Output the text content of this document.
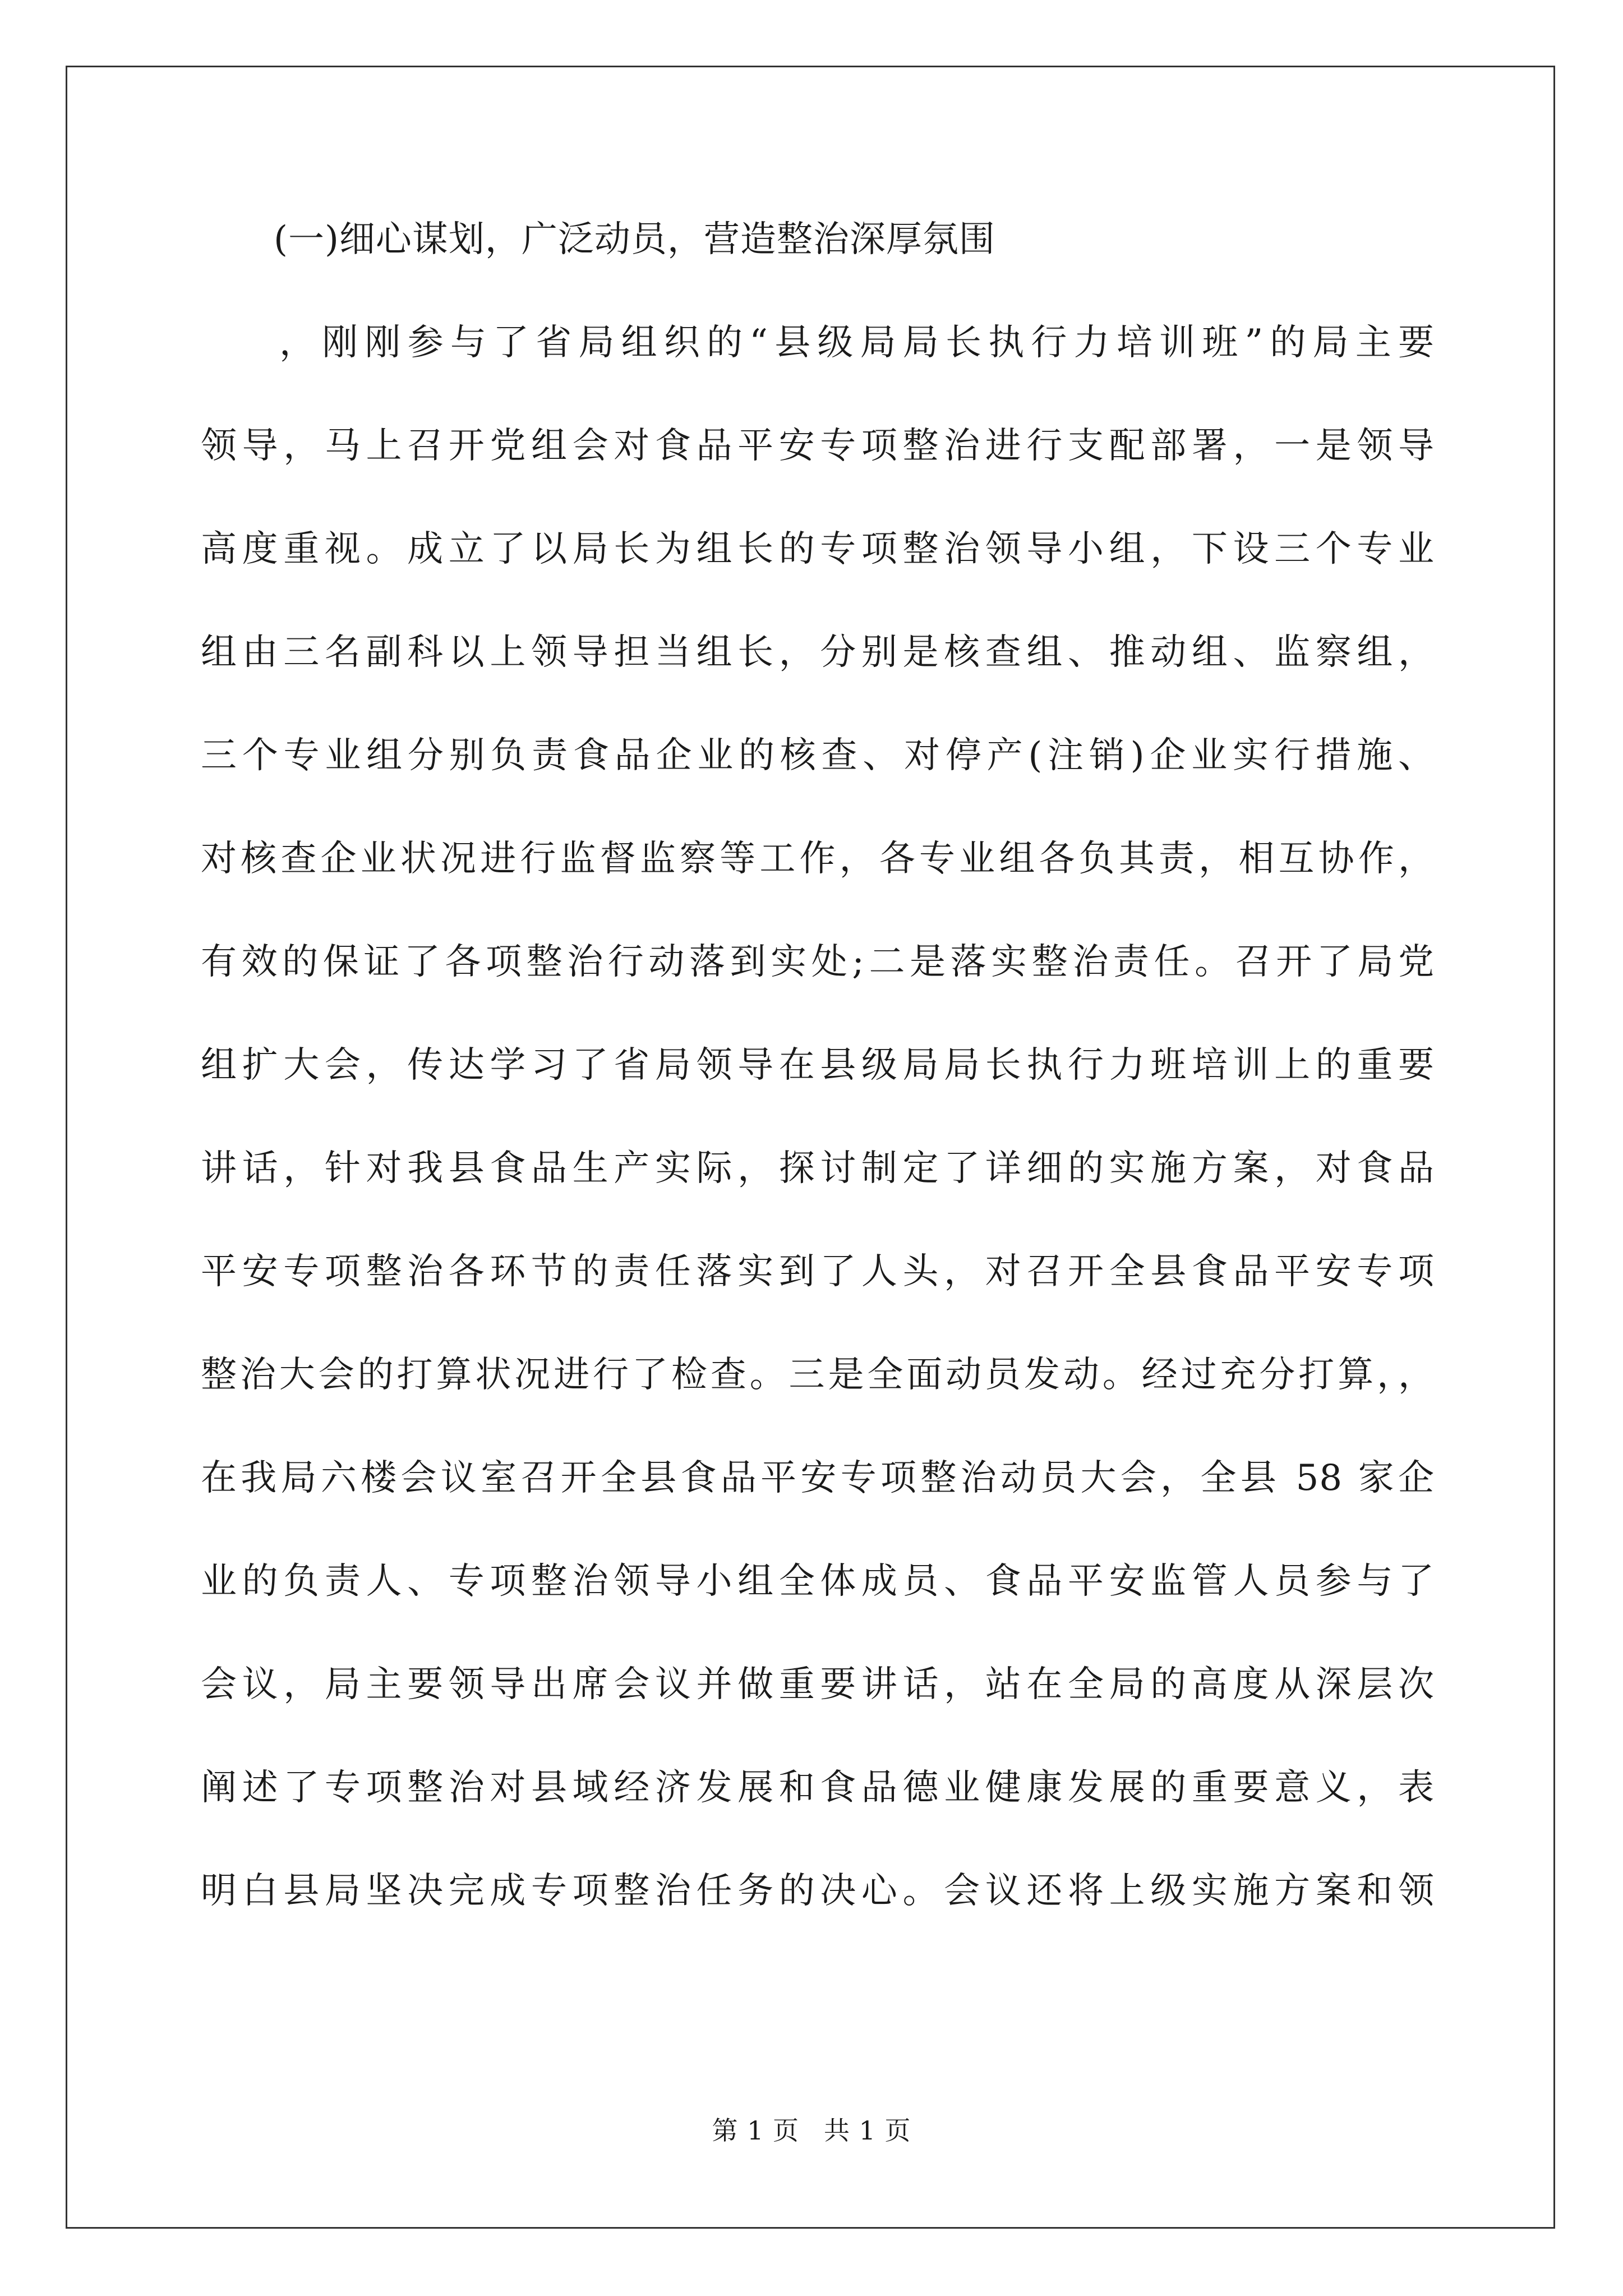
(一)细心谋划，广泛动员，营造整治深厚氛围
，刚刚参与了省局组织的“县级局局长执行力培训班”的局主要
领导，马上召开党组会对食品平安专项整治进行支配部署，一是领导
高度重视。成立了以局长为组长的专项整治领导小组，下设三个专业
组由三名副科以上领导担当组长，分别是核查组、推动组、监察组，
三个专业组分别负责食品企业的核查、对停产(注销)企业实行措施、
对核查企业状况进行监督监察等工作，各专业组各负其责，相互协作，
有效的保证了各项整治行动落到实处;二是落实整治责任。召开了局党
组扩大会，传达学习了省局领导在县级局局长执行力班培训上的重要
讲话，针对我县食品生产实际，探讨制定了详细的实施方案，对食品
平安专项整治各环节的责任落实到了人头，对召开全县食品平安专项
整治大会的打算状况进行了检查。三是全面动员发动。经过充分打算，，
在我局六楼会议室召开全县食品平安专项整治动员大会，全县 58 家企
业的负责人、专项整治领导小组全体成员、食品平安监管人员参与了
会议，局主要领导出席会议并做重要讲话，站在全局的高度从深层次
阐述了专项整治对县域经济发展和食品德业健康发展的重要意义，表
明白县局坚决完成专项整治任务的决心。会议还将上级实施方案和领
第 1 页 共 1 页
